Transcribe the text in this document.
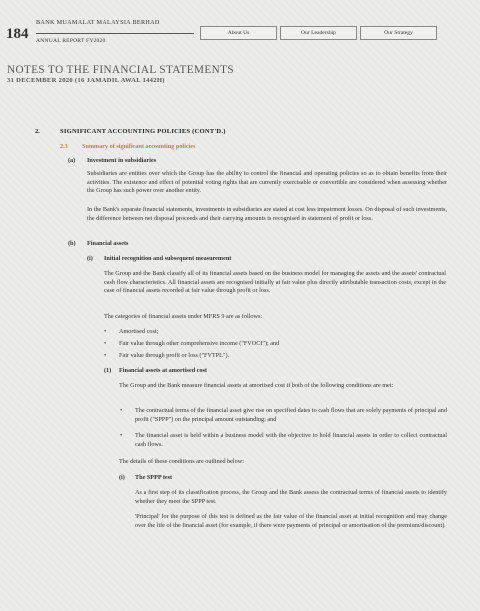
184
BANK MUAMALAT MALAYSIA BERHAD
ANNUAL REPORT FY2020
About Us	Our Leadership	Our Strategy
NOTES TO THE FINANCIAL STATEMENTS
31 DECEMBER 2020 (16 JAMADIL AWAL 1442H)
2.	SIGNIFICANT ACCOUNTING POLICIES (CONT'D.)
2.3 Summary of significant accounting policies
(a) Investment in subsidiaries

Subsidiaries are entities over which the Group has the ability to control the financial and operating policies so as to obtain benefits from their activities. The existence and effect of potential voting rights that are currently exercisable or convertible are considered when assessing whether the Group has such power over another entity.

In the Bank's separate financial statements, investments in subsidiaries are stated at cost less impairment losses. On disposal of such investments, the difference between net disposal proceeds and their carrying amounts is recognised in statement of profit or loss.

(b) Financial assets
(i) Initial recognition and subsequent measurement

The Group and the Bank classify all of its financial assets based on the business model for managing the assets and the assets' contractual cash flow characteristics. All financial assets are recognised initially at fair value plus directly attributable transaction costs, except in the case of financial assets recorded at fair value through profit or loss.

The categories of financial assets under MFRS 9 are as follows:

• Amortised cost;
• Fair value through other comprehensive income ("FVOCI"); and
• Fair value through profit or loss ("FVTPL").
(1) Financial assets at amortised cost

The Group and the Bank measure financial assets at amortised cost if both of the following conditions are met:

• The contractual terms of the financial asset give rise on specified dates to cash flows that are solely payments of principal and profit ("SPPP") on the principal amount outstanding; and

• The financial asset is held within a business model with the objective to hold financial assets in order to collect contractual cash flows.

The details of these conditions are outlined below:

(i) The SPPP test

As a first step of its classification process, the Group and the Bank assess the contractual terms of financial assets to identify whether they meet the SPPP test.

'Principal' for the purpose of this test is defined as the fair value of the financial asset at initial recognition and may change over the life of the financial asset (for example, if there were payments of principal or amortisation of the premium/discount).
